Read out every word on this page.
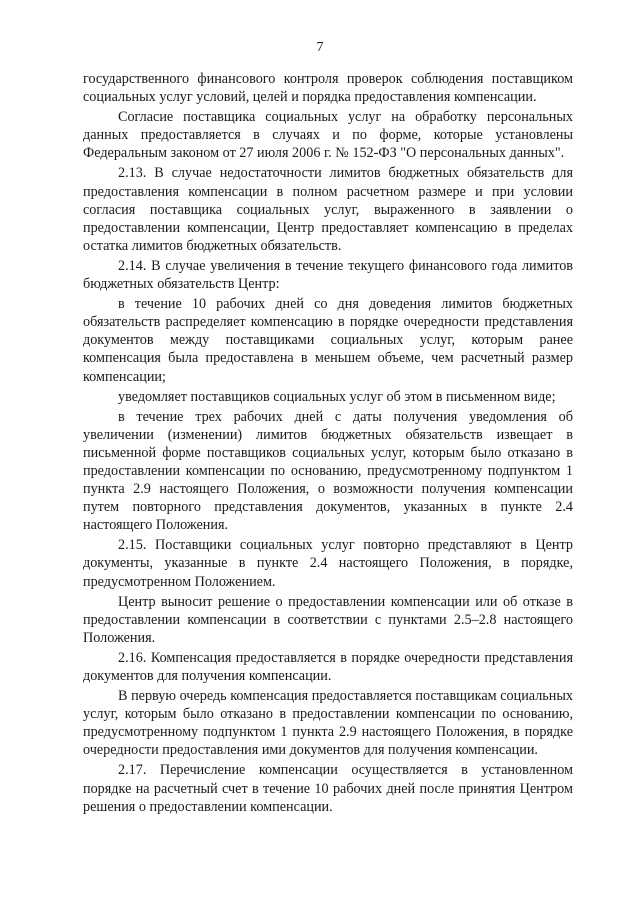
7

государственного финансового контроля проверок соблюдения поставщиком социальных услуг условий, целей и порядка предоставления компенсации.

Согласие поставщика социальных услуг на обработку персональных данных предоставляется в случаях и по форме, которые установлены Федеральным законом от 27 июля 2006 г. № 152-ФЗ "О персональных данных".

2.13. В случае недостаточности лимитов бюджетных обязательств для предоставления компенсации в полном расчетном размере и при условии согласия поставщика социальных услуг, выраженного в заявлении о предоставлении компенсации, Центр предоставляет компенсацию в пределах остатка лимитов бюджетных обязательств.

2.14. В случае увеличения в течение текущего финансового года лимитов бюджетных обязательств Центр:

в течение 10 рабочих дней со дня доведения лимитов бюджетных обязательств распределяет компенсацию в порядке очередности представления документов между поставщиками социальных услуг, которым ранее компенсация была предоставлена в меньшем объеме, чем расчетный размер компенсации;

уведомляет поставщиков социальных услуг об этом в письменном виде;

в течение трех рабочих дней с даты получения уведомления об увеличении (изменении) лимитов бюджетных обязательств извещает в письменной форме поставщиков социальных услуг, которым было отказано в предоставлении компенсации по основанию, предусмотренному подпунктом 1 пункта 2.9 настоящего Положения, о возможности получения компенсации путем повторного представления документов, указанных в пункте 2.4 настоящего Положения.

2.15. Поставщики социальных услуг повторно представляют в Центр документы, указанные в пункте 2.4 настоящего Положения, в порядке, предусмотренном Положением.

Центр выносит решение о предоставлении компенсации или об отказе в предоставлении компенсации в соответствии с пунктами 2.5–2.8 настоящего Положения.

2.16. Компенсация предоставляется в порядке очередности представления документов для получения компенсации.

В первую очередь компенсация предоставляется поставщикам социальных услуг, которым было отказано в предоставлении компенсации по основанию, предусмотренному подпунктом 1 пункта 2.9 настоящего Положения, в порядке очередности предоставления ими документов для получения компенсации.

2.17. Перечисление компенсации осуществляется в установленном порядке на расчетный счет в течение 10 рабочих дней после принятия Центром решения о предоставлении компенсации.
